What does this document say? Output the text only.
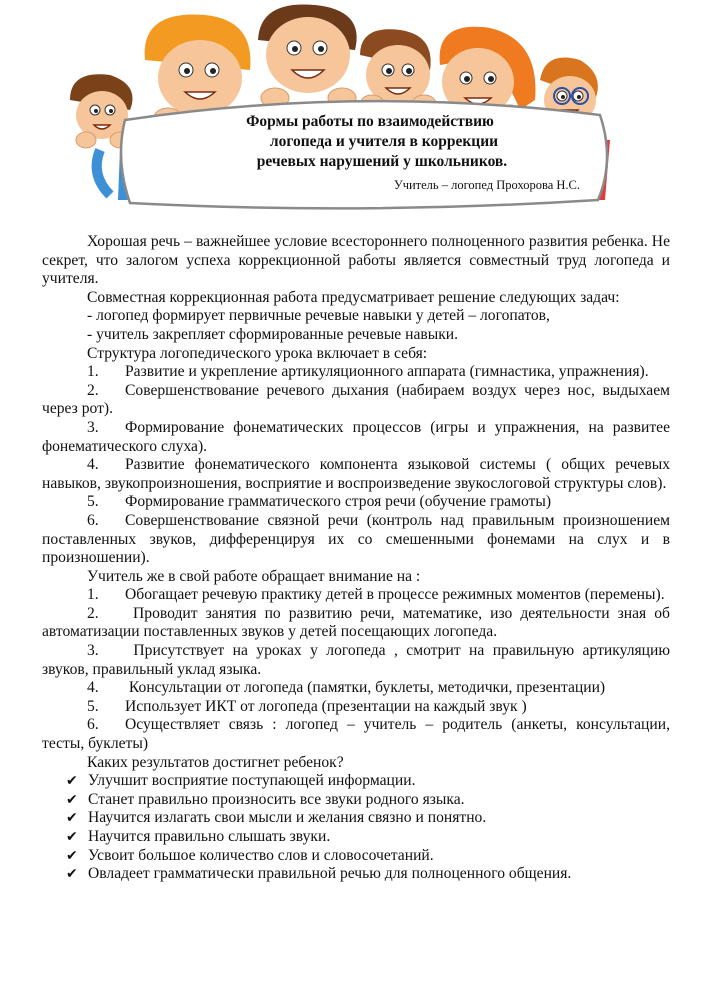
Формы работы по взаимодействию
логопеда и учителя в коррекции
речевых нарушений у школьников.
Учитель – логопед Прохорова Н.С.

Хорошая речь – важнейшее условие всестороннего полноценного развития ребенка. Не секрет, что залогом успеха коррекционной работы является совместный труд логопеда и учителя.

Совместная коррекционная работа предусматривает решение следующих задач:

- логопед формирует первичные речевые навыки у детей – логопатов,

- учитель закрепляет сформированные речевые навыки.

Структура логопедического урока включает в себя:

1. Развитие и укрепление артикуляционного аппарата (гимнастика, упражнения).

2. Совершенствование речевого дыхания (набираем воздух через нос, выдыхаем через рот).

3. Формирование фонематических процессов (игры и упражнения, на развитее фонематического слуха).

4. Развитие фонематического компонента языковой системы ( общих речевых навыков, звукопроизношения, восприятие и воспроизведение звукослоговой структуры слов).

5. Формирование грамматического строя речи (обучение грамоты)

6. Совершенствование связной речи (контроль над правильным произношением поставленных звуков, дифференцируя их со смешенными фонемами на слух и в произношении).

Учитель же в свой работе обращает внимание на :

1. Обогащает речевую практику детей в процессе режимных моментов (перемены).

2. Проводит занятия по развитию речи, математике, изо деятельности зная об автоматизации поставленных звуков у детей посещающих логопеда.

3. Присутствует на уроках у логопеда , смотрит на правильную артикуляцию звуков, правильный уклад языка.

4. Консультации от логопеда (памятки, буклеты, методички, презентации)

5. Использует ИКТ от логопеда (презентации на каждый звук )

6. Осуществляет связь : логопед – учитель – родитель (анкеты, консультации, тесты, буклеты)

Каких результатов достигнет ребенок?

✔ Улучшит восприятие поступающей информации.
✔ Станет правильно произносить все звуки родного языка.
✔ Научится излагать свои мысли и желания связно и понятно.
✔ Научится правильно слышать звуки.
✔ Усвоит большое количество слов и словосочетаний.
✔ Овладеет грамматически правильной речью для полноценного общения.
